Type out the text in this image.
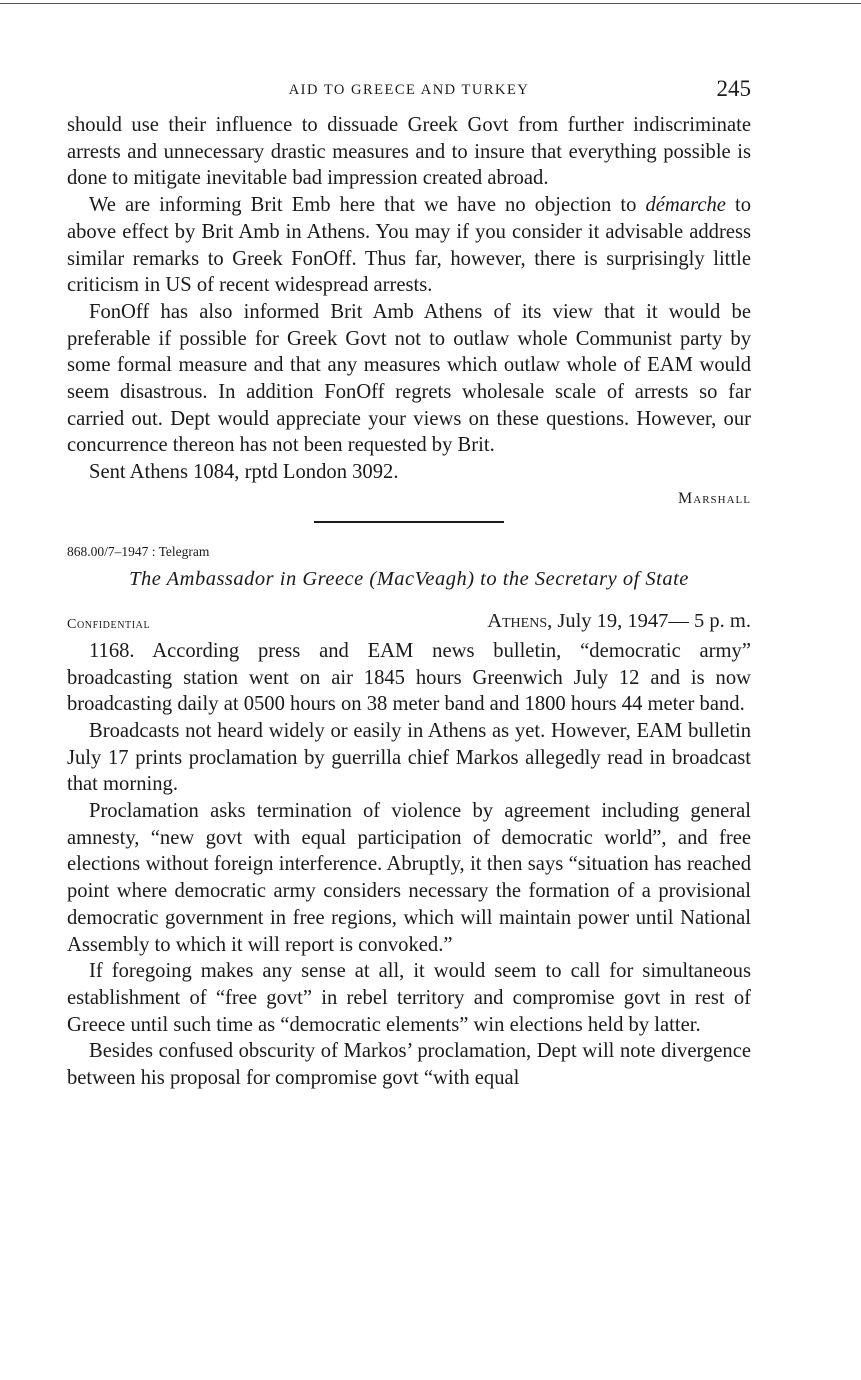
AID TO GREECE AND TURKEY	245

should use their influence to dissuade Greek Govt from further indiscriminate arrests and unnecessary drastic measures and to insure that everything possible is done to mitigate inevitable bad impression created abroad.

We are informing Brit Emb here that we have no objection to démarche to above effect by Brit Amb in Athens. You may if you consider it advisable address similar remarks to Greek FonOff. Thus far, however, there is surprisingly little criticism in US of recent widespread arrests.

FonOff has also informed Brit Amb Athens of its view that it would be preferable if possible for Greek Govt not to outlaw whole Communist party by some formal measure and that any measures which outlaw whole of EAM would seem disastrous. In addition FonOff regrets wholesale scale of arrests so far carried out. Dept would appreciate your views on these questions. However, our concurrence thereon has not been requested by Brit.

Sent Athens 1084, rptd London 3092.

Marshall
868.00/7–1947 : Telegram
The Ambassador in Greece (MacVeagh) to the Secretary of State
Confidential	Athens, July 19, 1947— 5 p. m.

1168. According press and EAM news bulletin, “democratic army” broadcasting station went on air 1845 hours Greenwich July 12 and is now broadcasting daily at 0500 hours on 38 meter band and 1800 hours 44 meter band.

Broadcasts not heard widely or easily in Athens as yet. However, EAM bulletin July 17 prints proclamation by guerrilla chief Markos allegedly read in broadcast that morning.

Proclamation asks termination of violence by agreement including general amnesty, “new govt with equal participation of democratic world”, and free elections without foreign interference. Abruptly, it then says “situation has reached point where democratic army considers necessary the formation of a provisional democratic government in free regions, which will maintain power until National Assembly to which it will report is convoked.”

If foregoing makes any sense at all, it would seem to call for simultaneous establishment of “free govt” in rebel territory and compromise govt in rest of Greece until such time as “democratic elements” win elections held by latter.

Besides confused obscurity of Markos’ proclamation, Dept will note divergence between his proposal for compromise govt “with equal
